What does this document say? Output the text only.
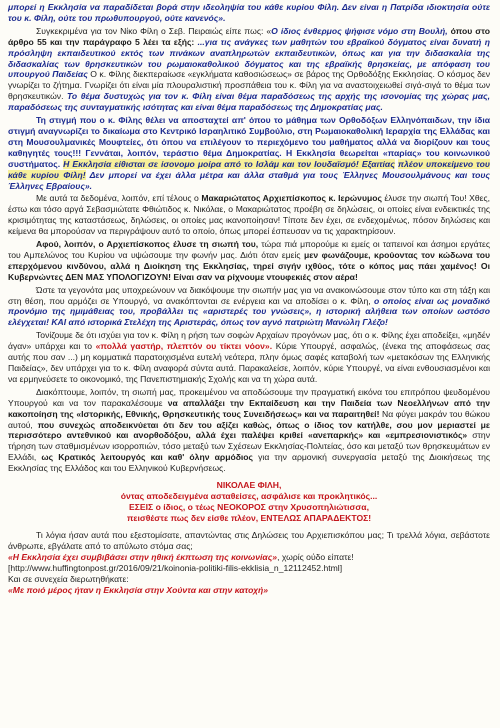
μπορεί η Εκκλησία να παραδίδεται βορά στην ιδεοληψία του κάθε κυρίου Φίλη. Δεν είναι η Πατρίδα ιδιοκτησία ούτε του κ. Φίλη, ούτε του πρωθυπουργού, ούτε κανενός».

Συγκεκριμένα για τον Νίκο Φίλη ο Σεβ. Πειραιώς είπε πως: «Ο ίδιος ένθερμος ψήφισε νόμο στη Βουλή, όπου στο άρθρο 55 και την παράγραφο 5 λέει τα εξής: ...για τις ανάγκες των μαθητών του εβραϊκού δόγματος είναι δυνατή η πρόσληψη εκπαιδευτικού εκτός των πινάκων αναπληρωτών εκπαιδευτικών, όπως και για την διδασκαλία της διδασκαλίας των θρησκευτικών του ρωμαιοκαθολικού δόγματος και της εβραϊκής θρησκείας, με απόφαση του υπουργού Παιδείας Ο κ. Φίλης διεκπεραίωσε «εγκλήματα καθοσιώσεως» σε βάρος της Ορθοδόξης Εκκλησίας. Ο κόσμος δεν γνωρίζει το ζήτημα. Γνωρίζει ότι είναι μία πλουραλιστική προσπάθεια του κ. Φίλη για να αναστοιχειωθεί σιγά-σιγά το θέμα των θρησκευτικών. Το θέμα δυστυχώς για τον κ. Φίλη είναι θέμα παραδόσεως της αρχής της ισονομίας της χώρας μας, παραδόσεως της συνταγματικής ισότητας και είναι θέμα παραδόσεως της Δημοκρατίας μας.

Τη στιγμή που ο κ. Φίλης θέλει να αποσταχτεί απ' όπου το μάθημα των Ορθοδόξων Ελληνόπαιδων, την ίδια στιγμή αναγνωρίζει το δικαίωμα στο Κεντρικό Ισραηλιτικό Συμβούλιο, στη Ρωμαιοκαθολική Ιεραρχία της Ελλάδας και στη Μουσουλμανικές Μουφτείες, ότι όπου να επιλέγουν το περιεχόμενο του μαθήματος αλλά να διορίζουν και τους καθηγητές τους!!! Γεννάται, λοιπόν, τεράστιο θέμα Δημοκρατίας. Η Εκκλησία θεωρείται «παρίας» του κοινωνικού συστήματος. Η Εκκλησία είθισται σε ίσονομο μοίρα από το Ισλάμ και τον Ιουδαϊσμό! Εξαιτίας πλέον υποκείμενο του κάθε κυρίου Φίλη! Δεν μπορεί να έχει άλλα μέτρα και άλλα σταθμά για τους Έλληνες Μουσουλμάνους και τους Έλληνες Εβραίους».

Με αυτά τα δεδομένα, λοιπόν, επί τέλους ο Μακαριώτατος Αρχιεπίσκοπος κ. Ιερώνυμος έλυσε την σιωπή Του! Χθες, έστω και τόσο αργά Σεβασμιώτατε Φθιώτιδος κ. Νικόλαε, ο Μακαριώτατος προέβη σε δηλώσεις, οι οποίες είναι ενδεικτικές της κρισιμότητας της καταστάσεως, δηλώσεις, οι οποίες μας ικανοποίησαν! Τίποτε δεν έχει, σε ενδεχομένως, πόσον δηλώσεις και κείμενα θα μπορούσαν να περιγράψουν αυτό το οποίο, όπως μπορεί έσπευσαν να τις χαρακτηρίσουν.

Αφού, λοιπόν, ο Αρχιεπίσκοπος έλυσε τη σιωπή του, τώρα πιά μπορούμε κι εμείς οι ταπεινοί και άσημοι εργάτες του Αμπελώνος του Κυρίου να υψώσουμε την φωνήν μας. Διότι όταν εμείς μεν φωνάζουμε, κρούοντας τον κώδωνα του επερχόμενου κινδύνου, αλλά η Διοίκηση της Εκκλησίας, τηρεί σιγήν ιχθύος, τότε ο κόπος μας πάει χαμένος! Οι Κυβερνώντες ΔΕΝ ΜΑΣ ΥΠΟΛΟΓΙΖΟΥΝ! Είναι σαν να ρίχνουμε ντουφεκιές στον αέρα!

Ώστε τα γεγονότα μας υποχρεώνουν να διακόψουμε την σιωπήν μας για να ανακοινώσουμε στον τύπο και στη τάξη και στη θέση, που αρμόζει σε Υπουργό, να ανακόπτονται σε ενέργεια και να αποδίσει ο κ. Φίλη, ο οποίος είναι ως μοναδικό προνόμιο της ημιμάθειας του, προβάλλει τις «αριστερές του γνώσεις», η ιστορική αλήθεια των οποίων ωστόσο ελέγχεται! ΚΑΙ από ιστορικά Στελέχη της Αριστεράς, όπως τον αγνό πατριώτη Μανώλη Γλέζο!

Τονίζουμε δε ότι ισχύει για τον κ. Φίλη η ρήση των σοφών Αρχαίων προγόνων μας, ότι ο κ. Φίλης έχει αποδείξει, «μηδέν άγαν» υπάρχει και το «πολλά γαστήρ, πλεπτόν ου τίκτει νόον». Κύριε Υπουργέ, ασφαλώς, (ένεκα της αποφάσεως σας αυτής που σαν ...) μη κομματικά παρατοιχισμένα ευτελή νεότερα, πλην όμως σαφές καταβολή των «μετακόσων της Ελληνικής Παιδείας», δεν υπάρχει για το κ. Φίλη αναφορά σύντα αυτά. Παρακαλείσε, λοιπόν, κύριε Υπουργέ, να είναι ενθουσιασμένοι και να ερμηνεύσετε το οικονομικό, της Πανεπιστημιακής Σχολής και να τη χώρα αυτά.

Διακόπτουμε, λοιπόν, τη σιωπή μας, προκειμένου να αποδώσουμε την πραγματική εικόνα του επιτρόπου ψευδομένου Υπουργού και να τον παρακαλέσουμε να απαλλάξει την Εκπαίδευση και την Παιδεία των Νεοελλήνων από την κακοποίηση της «Ιστορικής, Εθνικής, Θρησκευτικής τους Συνειδήσεως» και να παραιτηθεί! Να φύγει μακράν του θώκου αυτού, που συνεχώς αποδεικνύεται ότι δεν του αξίζει καθώς, όπως ο ίδιος τον κατήλθε, σου μον μεριαστεί με περισσότερο αντεθνικού και ανορθοδόξου, αλλά έχει παλέψει κριθεί «ανεπαρκής» και «εμπρεσιονιστικός» στην τήρηση των σταθμισμένων ισορροπιών, τόσο μεταξύ των Σχέσεων Εκκλησίας-Πολιτείας, όσο και μεταξύ των θρησκευμάτων εν Ελλάδι, ως Κρατικός λειτουργός και καθ' όλην αρμόδιος για την αρμονική συνεργασία μεταξύ της Διοικήσεως της Εκκλησίας της Ελλάδος και του Ελληνικού Κυβερνήσεως.

ΝΙΚΟΛΑΕ ΦΙΛΗ,
όντας αποδεδειγμένα ασταθείσες, ασφάλισε και προκλητικός...
ΕΣΕΙΣ ο ίδιος, ο τέως ΝΕΟΚΟΡΟΣ στην Χρυσοπηλιώτισσα,
πεισθέστε πως δεν είσθε πλέον, ΕΝΤΕΛΩΣ ΑΠΑΡΑΔΕΚΤΟΣ!

Τι λόγια ήσαν αυτά που εξεστομίσατε, απαντώντας στις Δηλώσεις του Αρχιεπισκόπου μας; Τι τρελλά λόγια, σεβάστοτε άνθρωπε, εβγάλατε από το απύλωτο στόμα σας;

«Η Εκκλησία έχει συμβιβάσει στην ηθική έκπτωση της κοινωνίας», χωρίς ούδο είπατε!

[http://www.huffingtonpost.gr/2016/09/21/koinonia-politiki-filis-ekklisia_n_12112452.html]

Και σε συνεχεία διερωτηθήκατε:

«Με ποιό μέρος ήταν η Εκκλησία στην Χούντα και στην κατοχή»
